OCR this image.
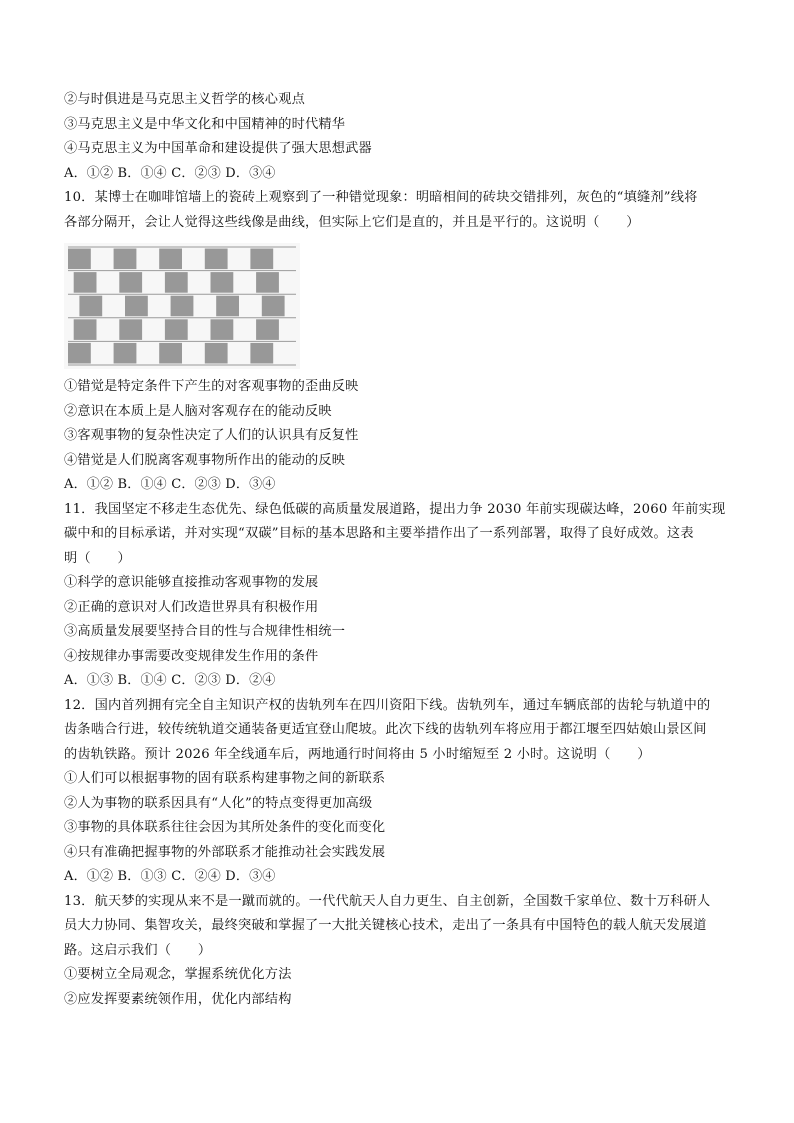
②与时俱进是马克思主义哲学的核心观点
③马克思主义是中华文化和中国精神的时代精华
④马克思主义为中国革命和建设提供了强大思想武器
A．①② B．①④ C．②③ D．③④
10．某博士在咖啡馆墙上的瓷砖上观察到了一种错觉现象：明暗相间的砖块交错排列，灰色的“填缝剂”线将
各部分隔开，会让人觉得这些线像是曲线，但实际上它们是直的，并且是平行的。这说明（　　）
①错觉是特定条件下产生的对客观事物的歪曲反映
②意识在本质上是人脑对客观存在的能动反映
③客观事物的复杂性决定了人们的认识具有反复性
④错觉是人们脱离客观事物所作出的能动的反映
A．①② B．①④ C．②③ D．③④
11．我国坚定不移走生态优先、绿色低碳的高质量发展道路，提出力争 2030 年前实现碳达峰，2060 年前实现
碳中和的目标承诺，并对实现“双碳”目标的基本思路和主要举措作出了一系列部署，取得了良好成效。这表
明（　　）
①科学的意识能够直接推动客观事物的发展
②正确的意识对人们改造世界具有积极作用
③高质量发展要坚持合目的性与合规律性相统一
④按规律办事需要改变规律发生作用的条件
A．①③ B．①④ C．②③ D．②④
12．国内首列拥有完全自主知识产权的齿轨列车在四川资阳下线。齿轨列车，通过车辆底部的齿轮与轨道中的
齿条啮合行进，较传统轨道交通装备更适宜登山爬坡。此次下线的齿轨列车将应用于都江堰至四姑娘山景区间
的齿轨铁路。预计 2026 年全线通车后，两地通行时间将由 5 小时缩短至 2 小时。这说明（　　）
①人们可以根据事物的固有联系构建事物之间的新联系
②人为事物的联系因具有“人化”的特点变得更加高级
③事物的具体联系往往会因为其所处条件的变化而变化
④只有准确把握事物的外部联系才能推动社会实践发展
A．①② B．①③ C．②④ D．③④
13．航天梦的实现从来不是一蹴而就的。一代代航天人自力更生、自主创新，全国数千家单位、数十万科研人
员大力协同、集智攻关，最终突破和掌握了一大批关键核心技术，走出了一条具有中国特色的载人航天发展道
路。这启示我们（　　）
①要树立全局观念，掌握系统优化方法
②应发挥要素统领作用，优化内部结构
